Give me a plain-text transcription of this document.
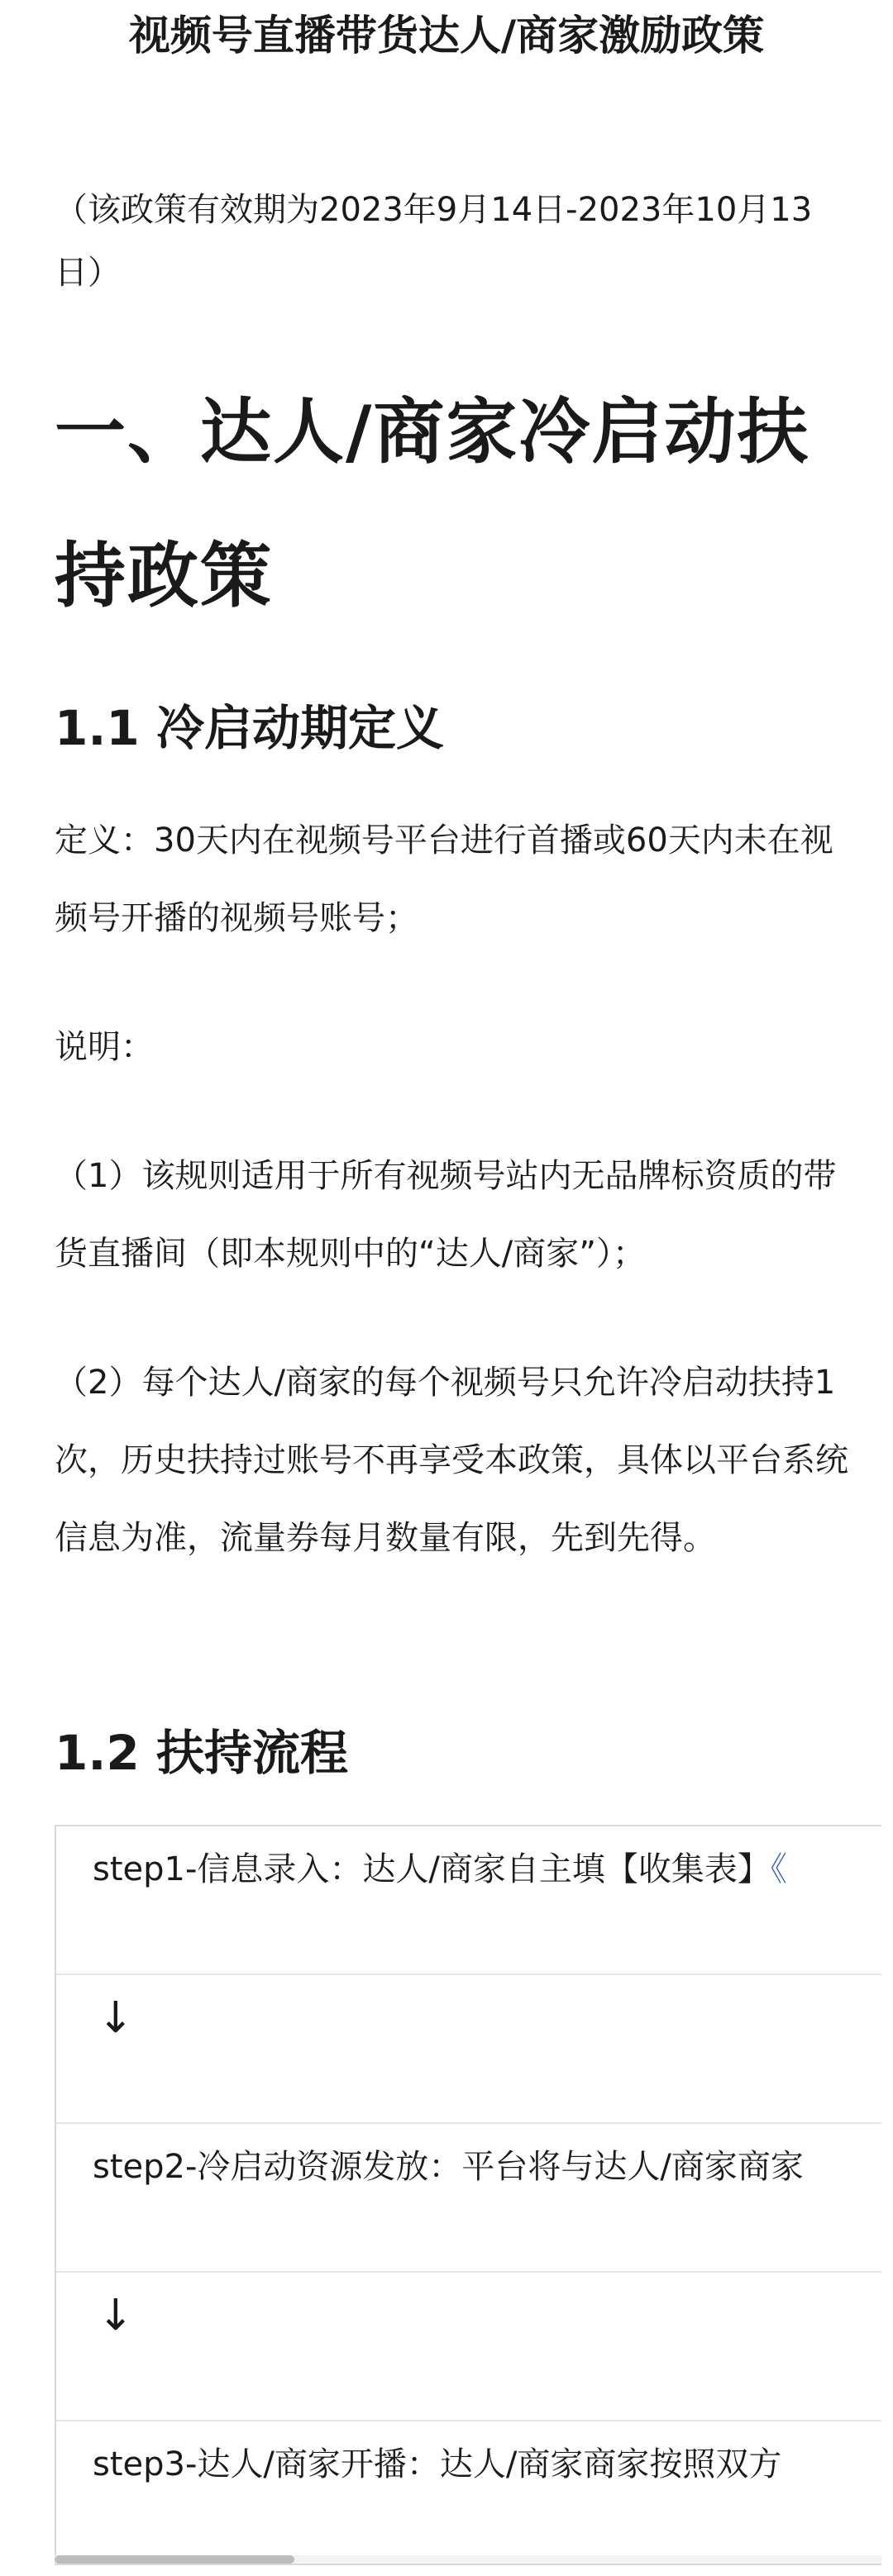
视频号直播带货达人/商家激励政策
（该政策有效期为2023年9月14日-2023年10月13日）
一、达人/商家冷启动扶持政策
1.1 冷启动期定义
定义：30天内在视频号平台进行首播或60天内未在视频号开播的视频号账号；
说明：
（1）该规则适用于所有视频号站内无品牌标资质的带货直播间（即本规则中的“达人/商家”）；
（2）每个达人/商家的每个视频号只允许冷启动扶持1次，历史扶持过账号不再享受本政策，具体以平台系统信息为准，流量券每月数量有限，先到先得。
1.2 扶持流程
step1-信息录入：达人/商家自主填【收集表】《
↓
step2-冷启动资源发放：平台将与达人/商家商家
↓
step3-达人/商家开播：达人/商家商家按照双方
